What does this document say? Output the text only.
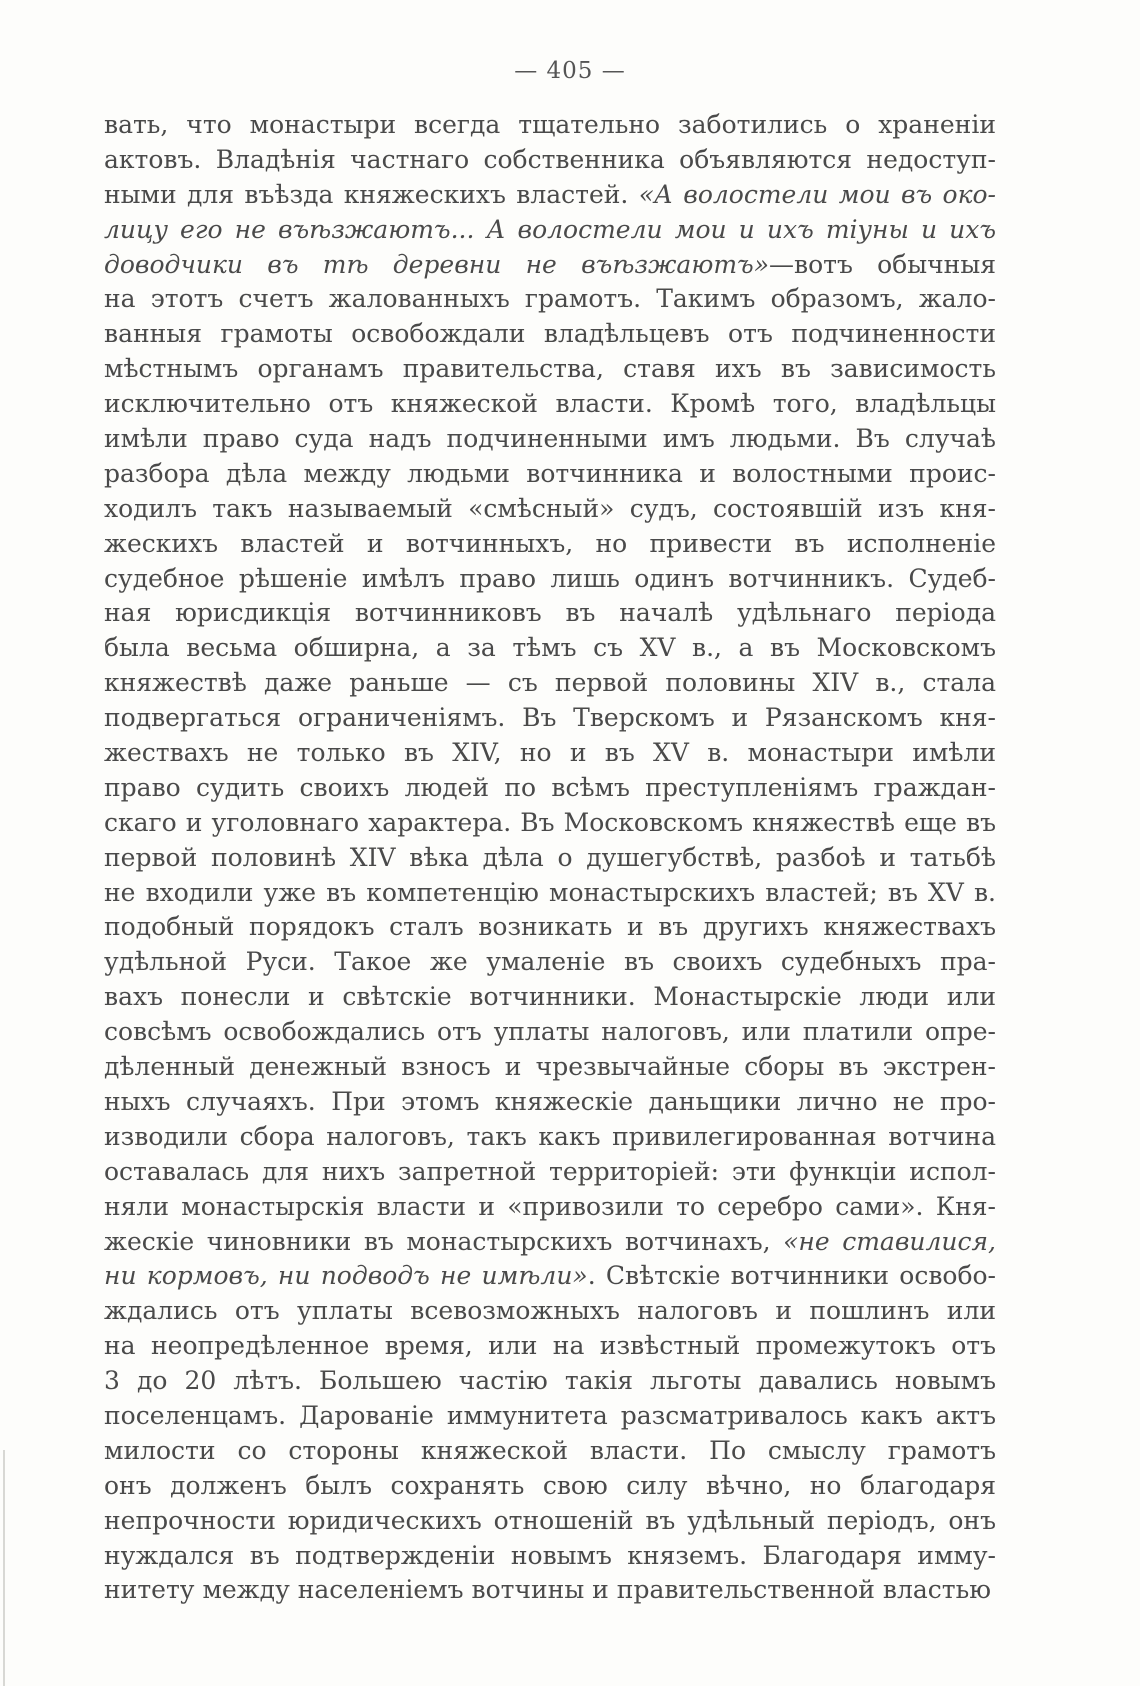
— 405 —
вать, что монастыри всегда тщательно заботились о храненіи
актовъ. Владѣнія частнаго собственника объявляются недоступ-
ными для въѣзда княжескихъ властей. «А волостели мои въ око-
лицу его не въѣзжаютъ... А волостели мои и ихъ тіуны и ихъ
доводчики въ тѣ деревни не въѣзжаютъ»—вотъ обычныя
на этотъ счетъ жалованныхъ грамотъ. Такимъ образомъ, жало-
ванныя грамоты освобождали владѣльцевъ отъ подчиненности
мѣстнымъ органамъ правительства, ставя ихъ въ зависимость
исключительно отъ княжеской власти. Кромѣ того, владѣльцы
имѣли право суда надъ подчиненными имъ людьми. Въ случаѣ
разбора дѣла между людьми вотчинника и волостными проис-
ходилъ такъ называемый «смѣсный» судъ, состоявшій изъ кня-
жескихъ властей и вотчинныхъ, но привести въ исполненіе
судебное рѣшеніе имѣлъ право лишь одинъ вотчинникъ. Судеб-
ная юрисдикція вотчинниковъ въ началѣ удѣльнаго періода
была весьма обширна, а за тѣмъ съ XV в., а въ Московскомъ
княжествѣ даже раньше — съ первой половины XIV в., стала
подвергаться ограниченіямъ. Въ Тверскомъ и Рязанскомъ кня-
жествахъ не только въ XIV, но и въ XV в. монастыри имѣли
право судить своихъ людей по всѣмъ преступленіямъ граждан-
скаго и уголовнаго характера. Въ Московскомъ княжествѣ еще въ
первой половинѣ XIV вѣка дѣла о душегубствѣ, разбоѣ и татьбѣ
не входили уже въ компетенцію монастырскихъ властей; въ XV в.
подобный порядокъ сталъ возникать и въ другихъ княжествахъ
удѣльной Руси. Такое же умаленіе въ своихъ судебныхъ пра-
вахъ понесли и свѣтскіе вотчинники. Монастырскіе люди или
совсѣмъ освобождались отъ уплаты налоговъ, или платили опре-
дѣленный денежный взносъ и чрезвычайные сборы въ экстрен-
ныхъ случаяхъ. При этомъ княжескіе даньщики лично не про-
изводили сбора налоговъ, такъ какъ привилегированная вотчина
оставалась для нихъ запретной территоріей: эти функціи испол-
няли монастырскія власти и «привозили то серебро сами». Кня-
жескіе чиновники въ монастырскихъ вотчинахъ, «не ставилися,
ни кормовъ, ни подводъ не имѣли». Свѣтскіе вотчинники освобо-
ждались отъ уплаты всевозможныхъ налоговъ и пошлинъ или
на неопредѣленное время, или на извѣстный промежутокъ отъ
3 до 20 лѣтъ. Большею частію такія льготы давались новымъ
поселенцамъ. Дарованіе иммунитета разсматривалось какъ актъ
милости со стороны княжеской власти. По смыслу грамотъ
онъ долженъ былъ сохранять свою силу вѣчно, но благодаря
непрочности юридическихъ отношеній въ удѣльный періодъ, онъ
нуждался въ подтвержденіи новымъ княземъ. Благодаря имму-
нитету между населеніемъ вотчины и правительственной властью
